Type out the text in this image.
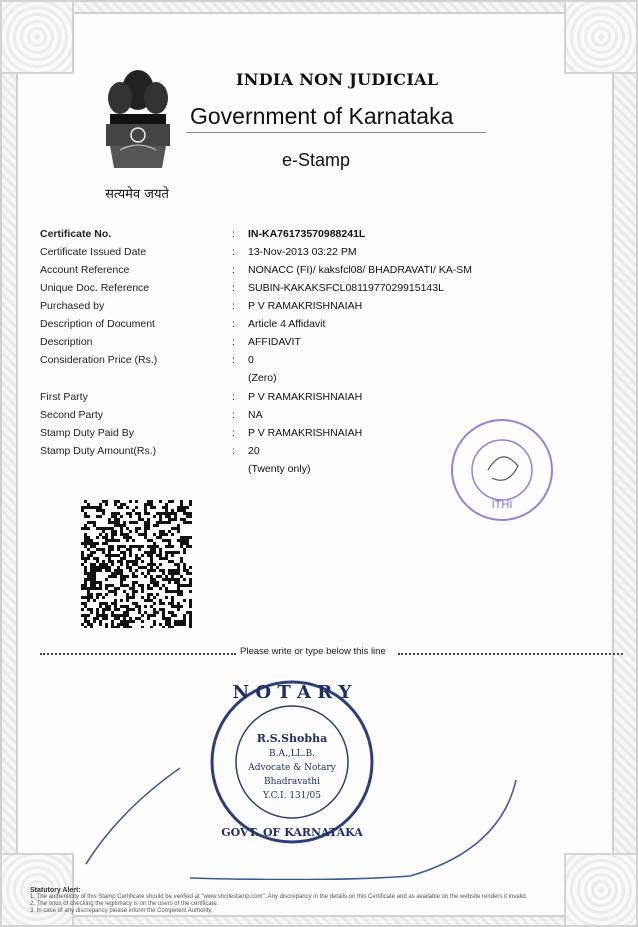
सत्यमेव जयते
INDIA NON JUDICIAL
Government of Karnataka
e-Stamp
Certificate No.	: IN-KA76173570988241L
Certificate Issued Date	: 13-Nov-2013 03:22 PM
Account Reference	: NONACC (FI)/ kaksfcl08/ BHADRAVATI/ KA-SM
Unique Doc. Reference	: SUBIN-KAKAKSFCL0811977029915143L
Purchased by	: P V RAMAKRISHNAIAH
Description of Document	: Article 4 Affidavit
Description	: AFFIDAVIT
Consideration Price (Rs.)	: 0
(Zero)
First Party	: P V RAMAKRISHNAIAH
Second Party	: NA
Stamp Duty Paid By	: P V RAMAKRISHNAIAH
Stamp Duty Amount(Rs.)	: 20
(Twenty only)
ITHI
Please write or type below this line
N O T A R Y
R.S.Shobha
B.A.,LL.B.
Advocate & Notary
Bhadravathi
Y.C.I. 131/05
GOVT. OF KARNATAKA
Statutory Alert:
1. The authenticity of this Stamp Certificate should be verified at "www.shcilestamp.com". Any discrepancy in the details on this Certificate and as available on the website renders it invalid.
2. The onus of checking the legitimacy is on the users of the certificate.
3. In case of any discrepancy please inform the Competent Authority.
